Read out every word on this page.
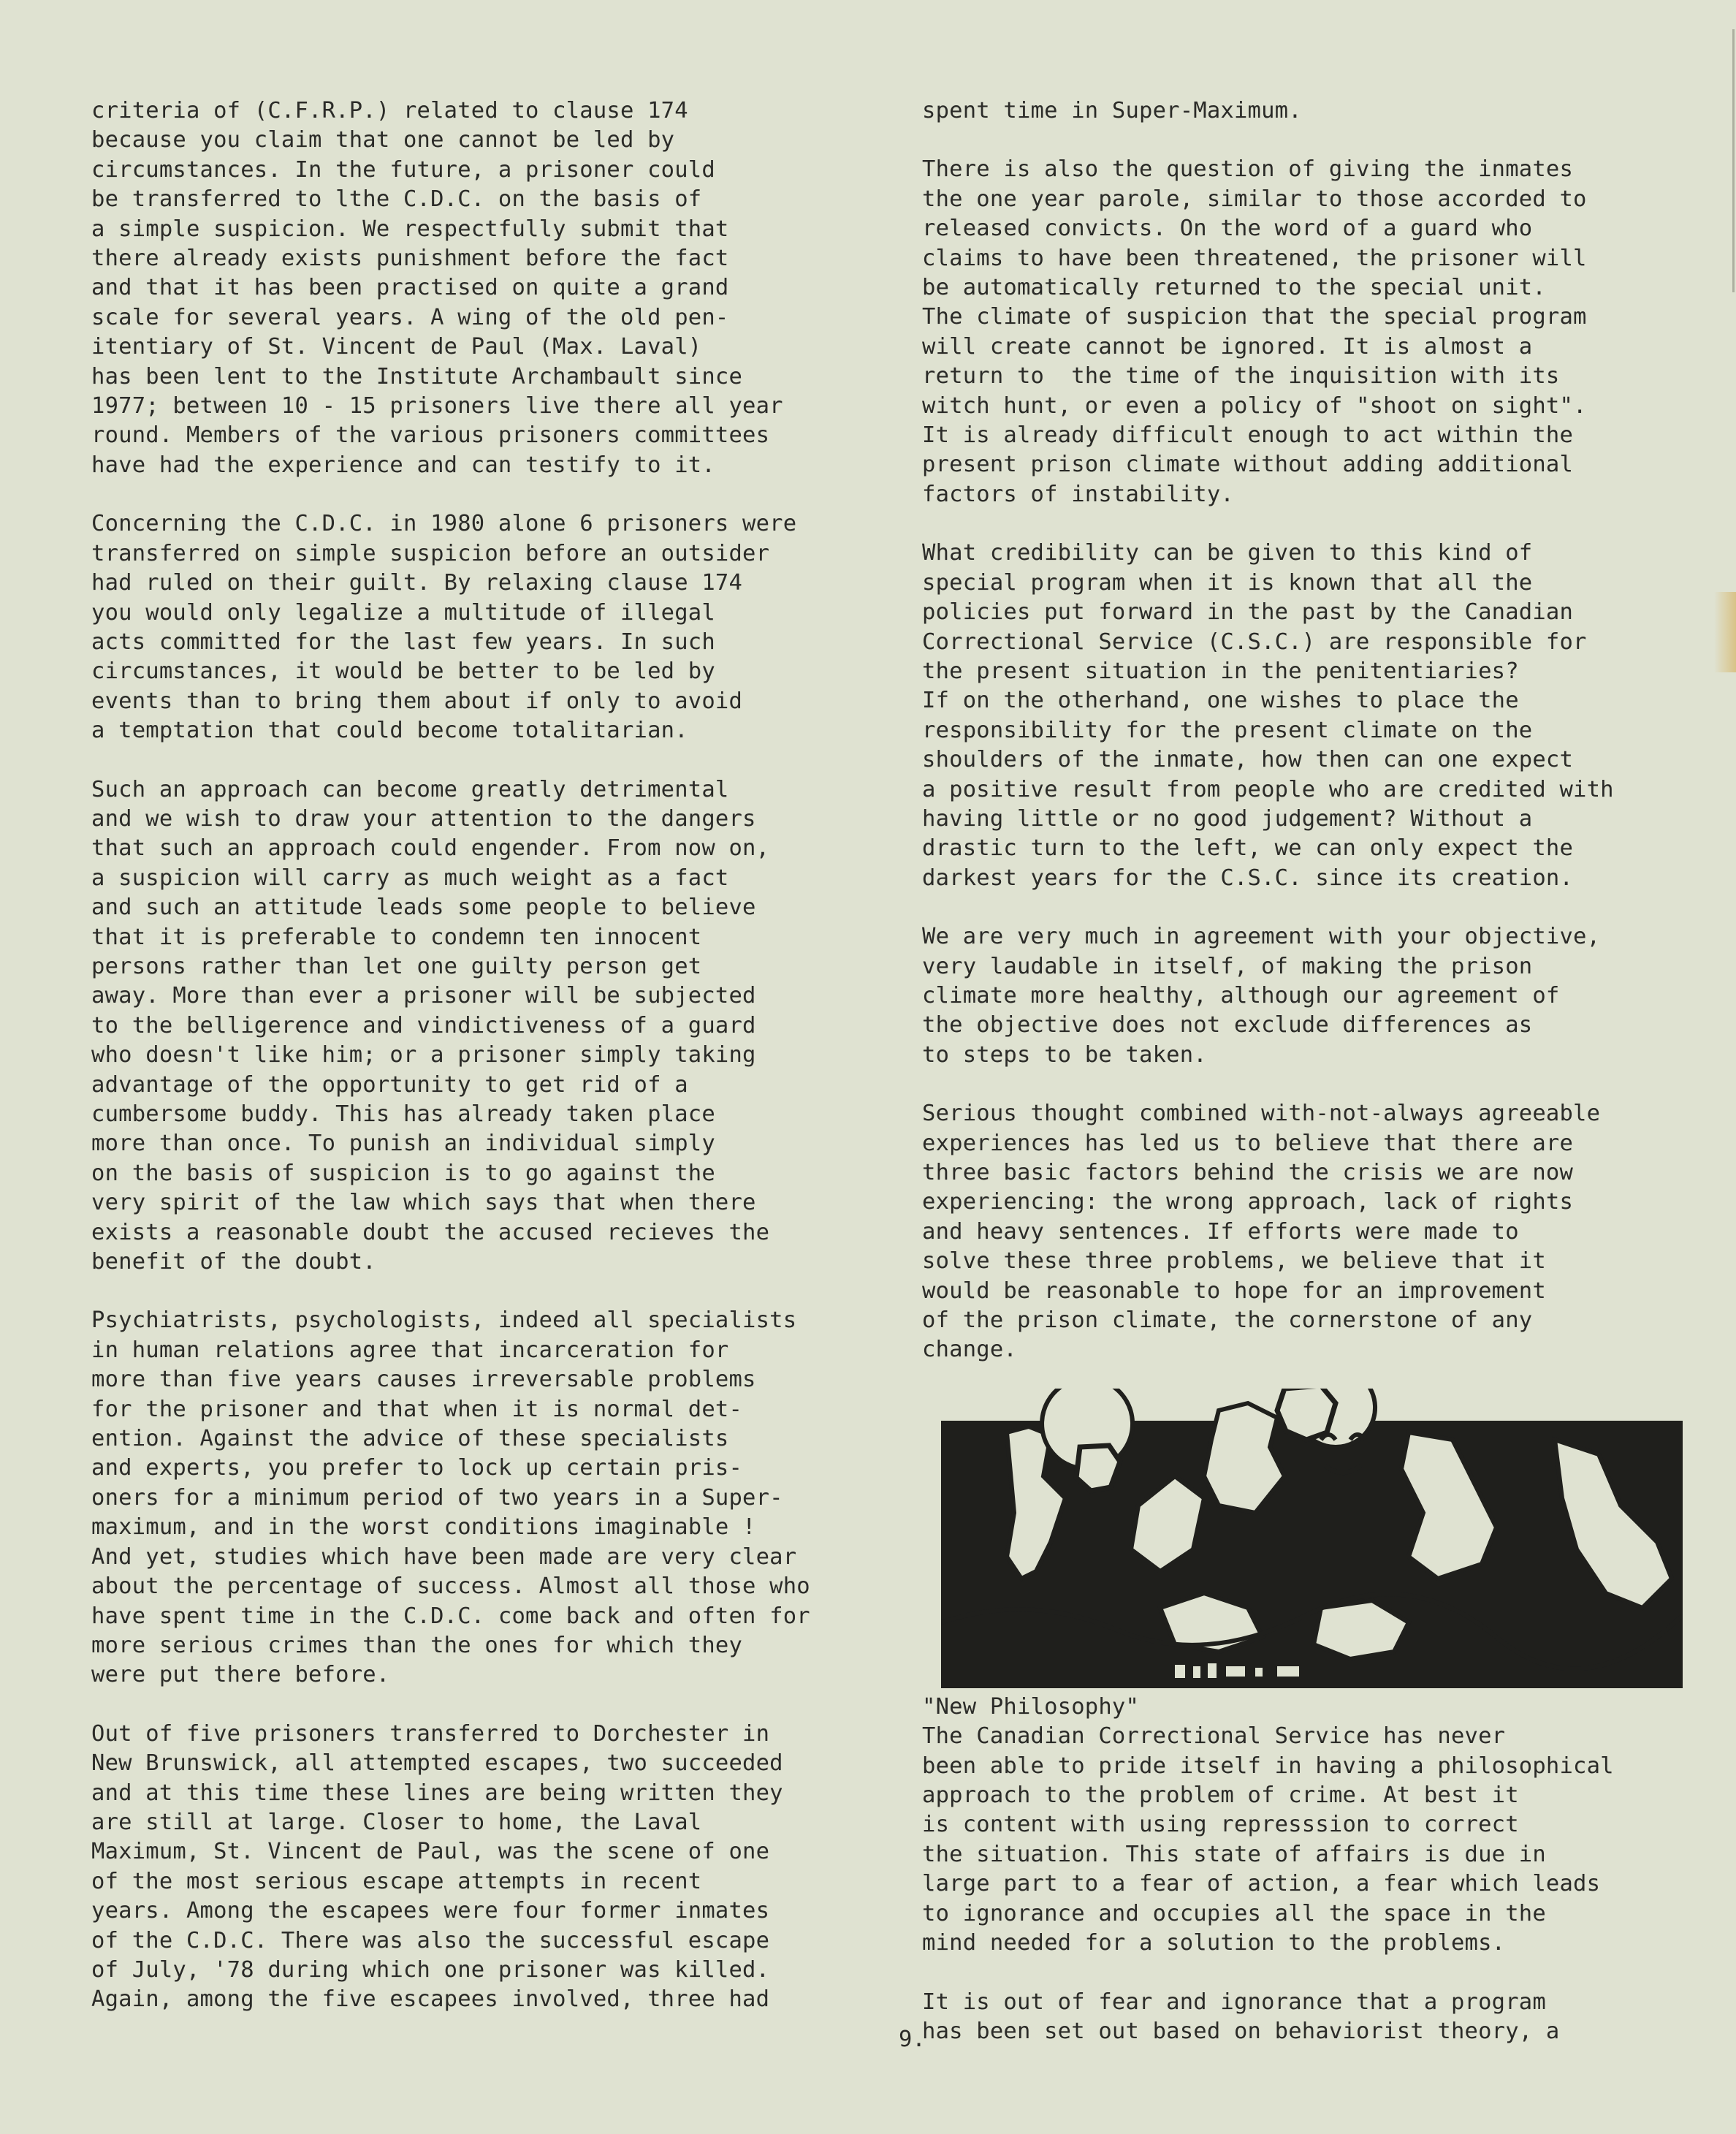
criteria of (C.F.R.P.) related to clause 174
because you claim that one cannot be led by
circumstances. In the future, a prisoner could
be transferred to lthe C.D.C. on the basis of
a simple suspicion. We respectfully submit that
there already exists punishment before the fact
and that it has been practised on quite a grand
scale for several years. A wing of the old pen-
itentiary of St. Vincent de Paul (Max. Laval)
has been lent to the Institute Archambault since
1977; between 10 - 15 prisoners live there all year
round. Members of the various prisoners committees
have had the experience and can testify to it.
Concerning the C.D.C. in 1980 alone 6 prisoners were
transferred on simple suspicion before an outsider
had ruled on their guilt. By relaxing clause 174
you would only legalize a multitude of illegal
acts committed for the last few years. In such
circumstances, it would be better to be led by
events than to bring them about if only to avoid
a temptation that could become totalitarian.
Such an approach can become greatly detrimental
and we wish to draw your attention to the dangers
that such an approach could engender. From now on,
a suspicion will carry as much weight as a fact
and such an attitude leads some people to believe
that it is preferable to condemn ten innocent
persons rather than let one guilty person get
away. More than ever a prisoner will be subjected
to the belligerence and vindictiveness of a guard
who doesn't like him; or a prisoner simply taking
advantage of the opportunity to get rid of a
cumbersome buddy. This has already taken place
more than once. To punish an individual simply
on the basis of suspicion is to go against the
very spirit of the law which says that when there
exists a reasonable doubt the accused recieves the
benefit of the doubt.
Psychiatrists, psychologists, indeed all specialists
in human relations agree that incarceration for
more than five years causes irreversable problems
for the prisoner and that when it is normal det-
ention. Against the advice of these specialists
and experts, you prefer to lock up certain pris-
oners for a minimum period of two years in a Super-
maximum, and in the worst conditions imaginable !
And yet, studies which have been made are very clear
about the percentage of success. Almost all those who
have spent time in the C.D.C. come back and often for
more serious crimes than the ones for which they
were put there before.
Out of five prisoners transferred to Dorchester in
New Brunswick, all attempted escapes, two succeeded
and at this time these lines are being written they
are still at large. Closer to home, the Laval
Maximum, St. Vincent de Paul, was the scene of one
of the most serious escape attempts in recent
years. Among the escapees were four former inmates
of the C.D.C. There was also the successful escape
of July, '78 during which one prisoner was killed.
Again, among the five escapees involved, three had
spent time in Super-Maximum.
There is also the question of giving the inmates
the one year parole, similar to those accorded to
released convicts. On the word of a guard who
claims to have been threatened, the prisoner will
be automatically returned to the special unit.
The climate of suspicion that the special program
will create cannot be ignored. It is almost a
return to  the time of the inquisition with its
witch hunt, or even a policy of "shoot on sight".
It is already difficult enough to act within the
present prison climate without adding additional
factors of instability.
What credibility can be given to this kind of
special program when it is known that all the
policies put forward in the past by the Canadian
Correctional Service (C.S.C.) are responsible for
the present situation in the penitentiaries?
If on the otherhand, one wishes to place the
responsibility for the present climate on the
shoulders of the inmate, how then can one expect
a positive result from people who are credited with
having little or no good judgement? Without a
drastic turn to the left, we can only expect the
darkest years for the C.S.C. since its creation.
We are very much in agreement with your objective,
very laudable in itself, of making the prison
climate more healthy, although our agreement of
the objective does not exclude differences as
to steps to be taken.
Serious thought combined with-not-always agreeable
experiences has led us to believe that there are
three basic factors behind the crisis we are now
experiencing: the wrong approach, lack of rights
and heavy sentences. If efforts were made to
solve these three problems, we believe that it
would be reasonable to hope for an improvement
of the prison climate, the cornerstone of any
change.
"New Philosophy"
The Canadian Correctional Service has never
been able to pride itself in having a philosophical
approach to the problem of crime. At best it
is content with using represssion to correct
the situation. This state of affairs is due in
large part to a fear of action, a fear which leads
to ignorance and occupies all the space in the
mind needed for a solution to the problems.
It is out of fear and ignorance that a program
has been set out based on behaviorist theory, a
9.
